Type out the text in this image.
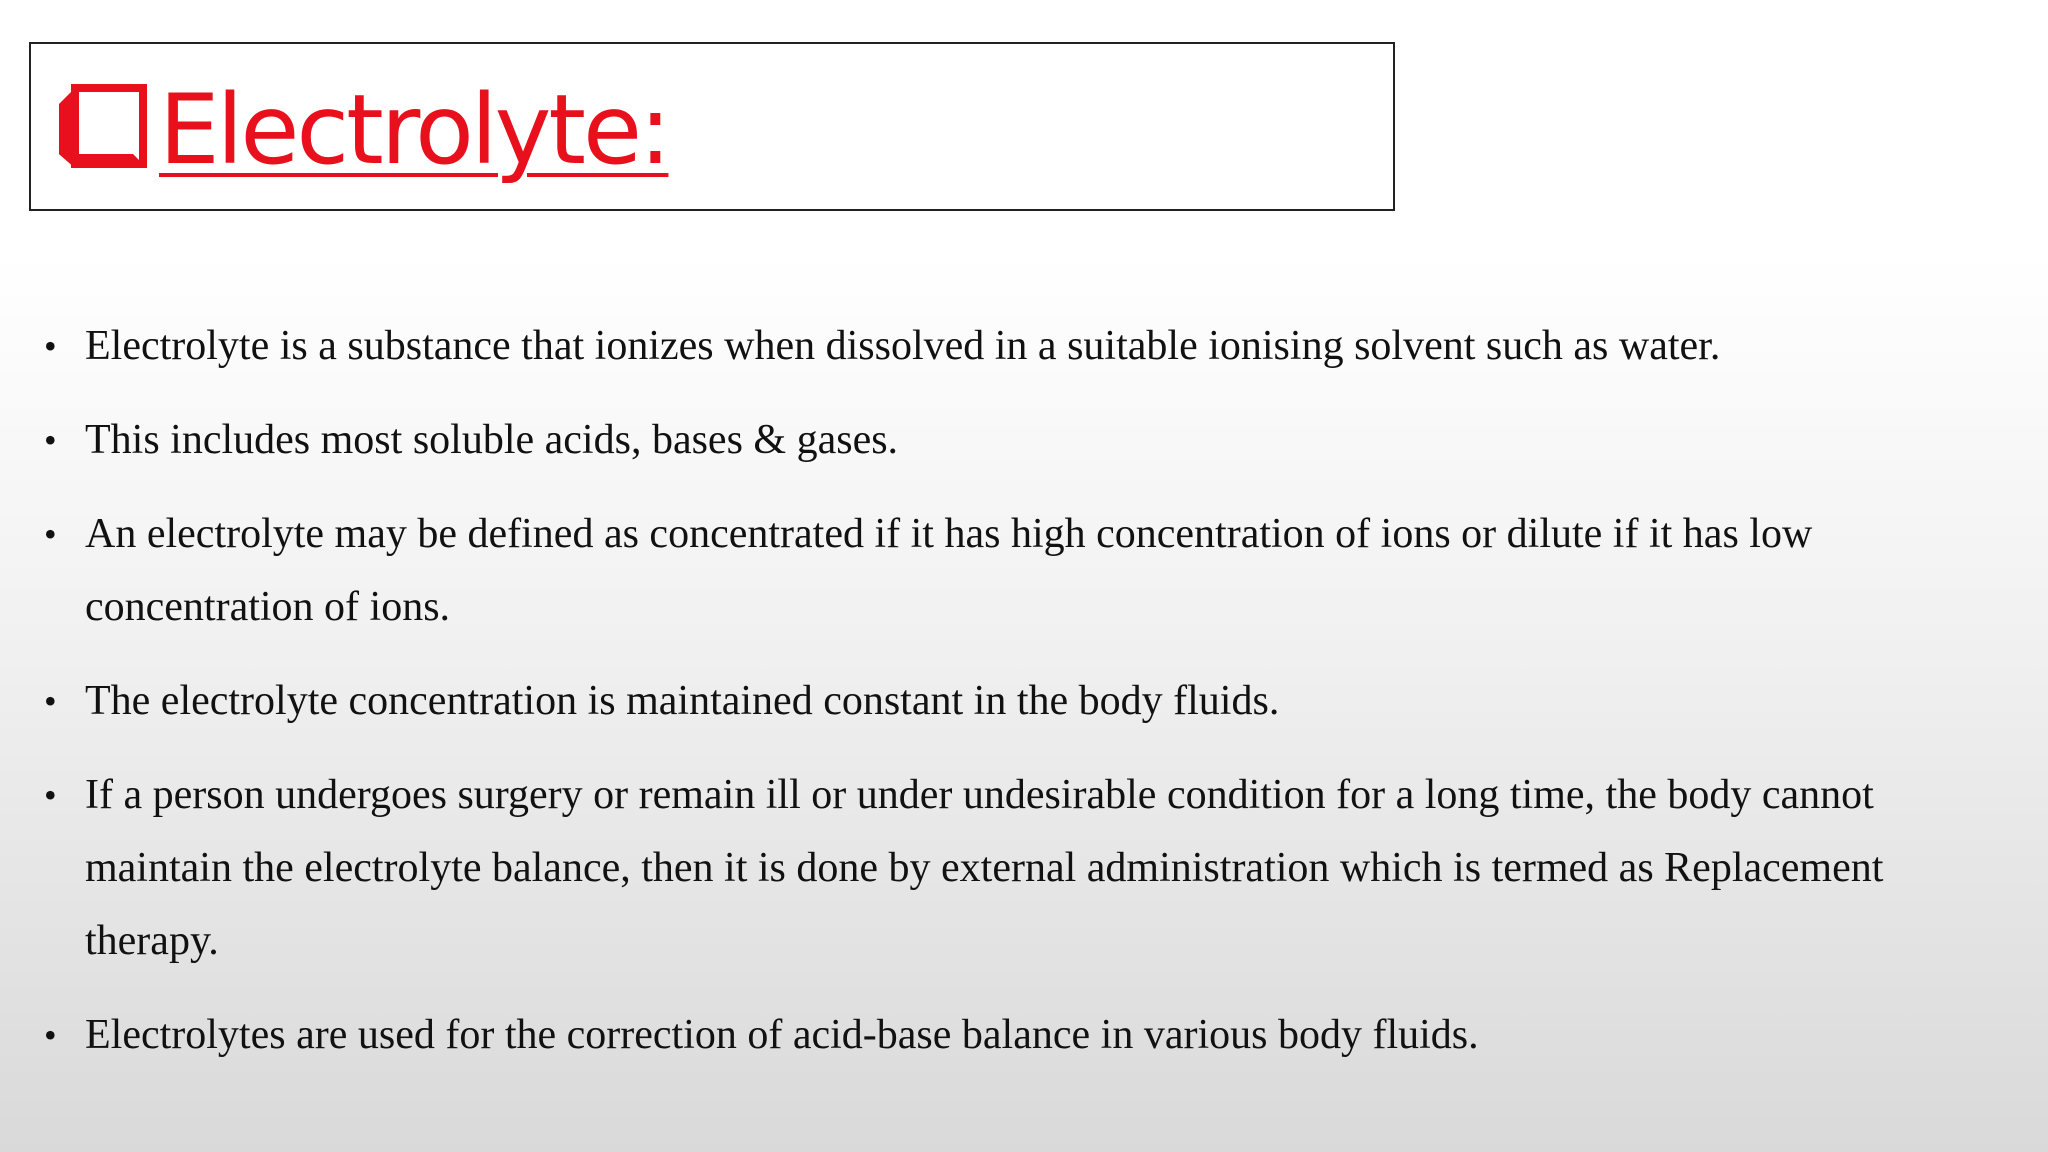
Electrolyte:
• Electrolyte is a substance that ionizes when dissolved in a suitable ionising solvent such as water.
• This includes most soluble acids, bases & gases.
• An electrolyte may be defined as concentrated if it has high concentration of ions or dilute if it has low concentration of ions.
• The electrolyte concentration is maintained constant in the body fluids.
• If a person undergoes surgery or remain ill or under undesirable condition for a long time, the body cannot maintain the electrolyte balance, then it is done by external administration which is termed as Replacement therapy.
• Electrolytes are used for the correction of acid-base balance in various body fluids.
